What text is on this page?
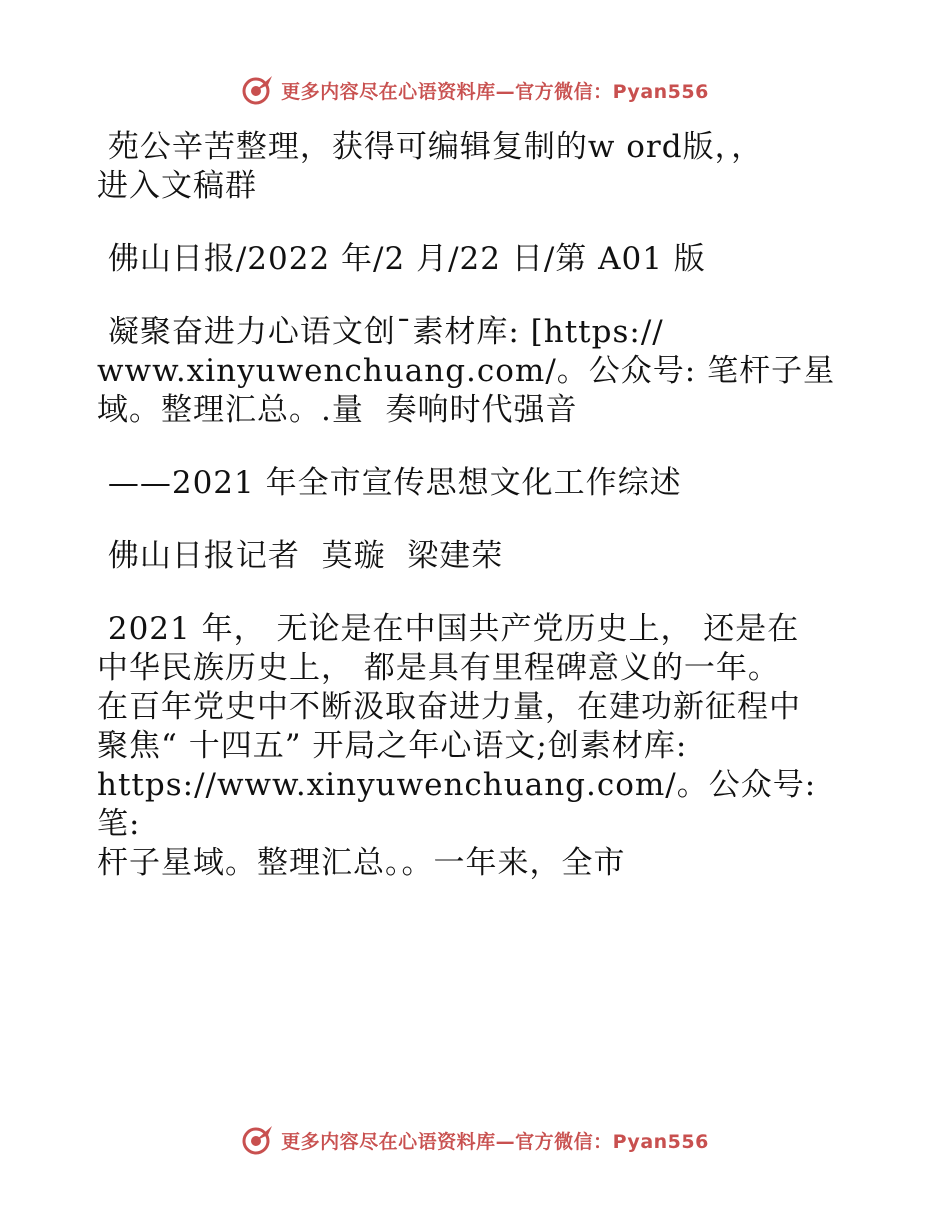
更多内容尽在心语资料库—官方微信：Pyan556

苑公辛苦整理，获得可编辑复制的w ord版，，
进入文稿群

佛山日报/2022 年/2 月/22 日/第 A01 版

凝聚奋进力心语文创¯素材库: [https://
www.xinyuwenchuang.com/。公众号: 笔杆子星
域。整理汇总。.量  奏响时代强音

——2021 年全市宣传思想文化工作综述

佛山日报记者  莫璇  梁建荣

2021 年， 无论是在中国共产党历史上， 还是在
中华民族历史上， 都是具有里程碑意义的一年。
在百年党史中不断汲取奋进力量，在建功新征程中
聚焦“ 十四五” 开局之年心语文;创素材库:
https://www.xinyuwenchuang.com/。公众号: 笔:
杆子星域。整理汇总。。一年来，全市

更多内容尽在心语资料库—官方微信：Pyan556
